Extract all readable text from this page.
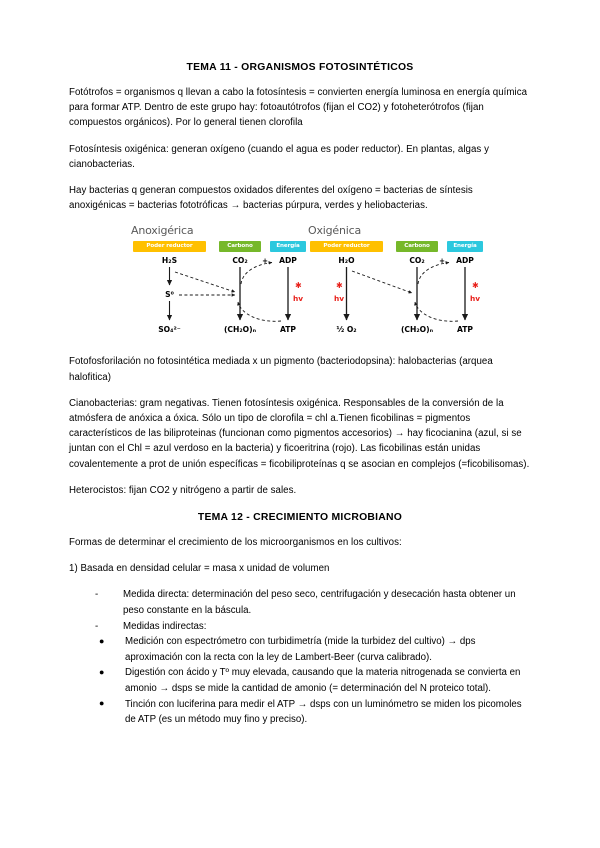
TEMA 11 - ORGANISMOS FOTOSINTÉTICOS

Fotótrofos = organismos q llevan a cabo la fotosíntesis = convierten energía luminosa en energía química para formar ATP. Dentro de este grupo hay: fotoautótrofos (fijan el CO2) y fotoheterótrofos (fijan compuestos orgánicos). Por lo general tienen clorofila

Fotosíntesis oxigénica: generan oxígeno (cuando el agua es poder reductor). En plantas, algas y cianobacterias.

Hay bacterias q generan compuestos oxidados diferentes del oxígeno = bacterias de síntesis anoxigénicas = bacterias fototróficas → bacterias púrpura, verdes y heliobacterias.

Anoxigérica	Oxigénica
Poder reductor	Carbono	Energía	Poder reductor	Carbono	Energía
H₂S	CO₂	ADP
S⁰
SO₄²⁻	(CH₂O)ₙ	ATP
H₂O	CO₂	ADP
½ O₂	(CH₂O)ₙ	ATP
+	+
✱
hv
✱
hv
✱
hv

Fotofosforilación no fotosintética mediada x un pigmento (bacteriodopsina): halobacterias (arquea halofitica)

Cianobacterias: gram negativas. Tienen fotosíntesis oxigénica. Responsables de la conversión de la atmósfera de anóxica a óxica. Sólo un tipo de clorofila = chl a.Tienen ficobilinas = pigmentos característicos de las biliproteinas (funcionan como pigmentos accesorios) → hay ficocianina (azul, si se juntan con el Chl = azul verdoso en la bacteria) y ficoeritrina (rojo). Las ficobilinas están unidas covalentemente a prot de unión específicas = ficobiliproteínas q se asocian en complejos (=ficobilisomas).

Heterocistos: fijan CO2 y nitrógeno a partir de sales.

TEMA 12 - CRECIMIENTO MICROBIANO

Formas de determinar el crecimiento de los microorganismos en los cultivos:

1) Basada en densidad celular = masa x unidad de volumen

-	Medida directa: determinación del peso seco, centrifugación y desecación hasta obtener un peso constante en la báscula.
-	Medidas indirectas:
● Medición con espectrómetro con turbidimetría (mide la turbidez del cultivo) → dps aproximación con la recta con la ley de Lambert-Beer (curva calibrado).
● Digestión con ácido y Tº muy elevada, causando que la materia nitrogenada se convierta en amonio → dsps se mide la cantidad de amonio (= determinación del N proteico total).
● Tinción con luciferina para medir el ATP → dsps con un luminómetro se miden los picomoles de ATP (es un método muy fino y preciso).
